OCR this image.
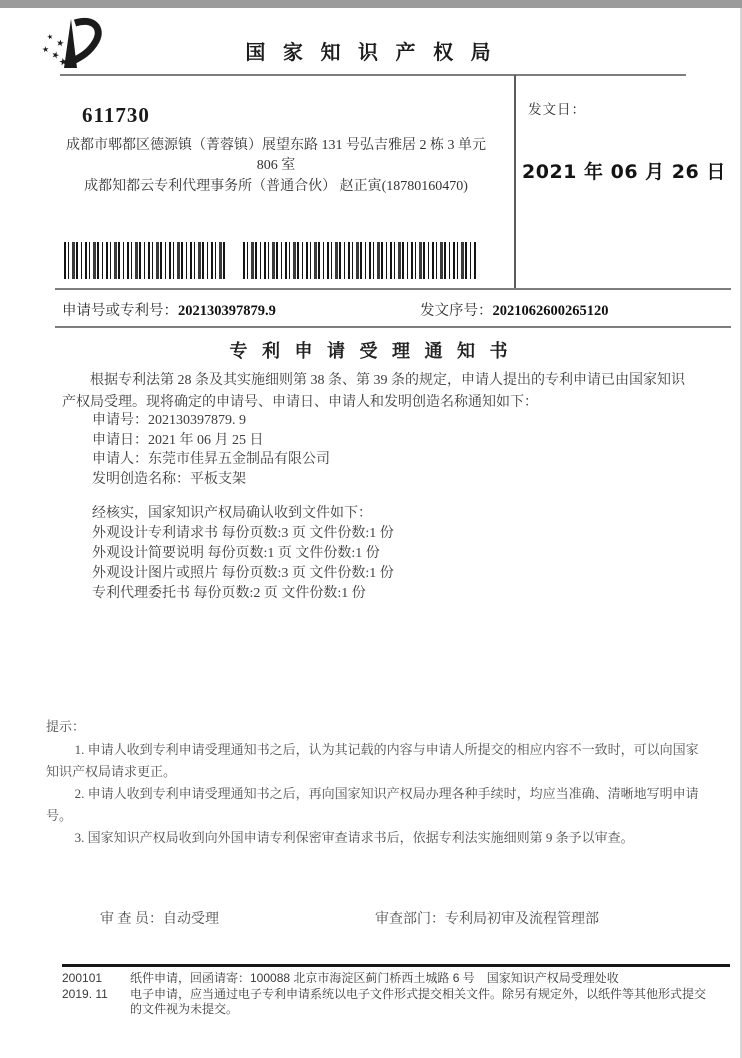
★
★
★
★
★
国 家 知 识 产 权 局
611730
成都市郫都区德源镇（菁蓉镇）展望东路 131 号弘吉雅居 2 栋 3 单元
806 室
成都知都云专利代理事务所（普通合伙） 赵正寅(18780160470)
发文日：
2021 年 06 月 26 日
申请号或专利号：202130397879.9	发文序号：2021062600265120
专 利 申 请 受 理 通 知 书

根据专利法第 28 条及其实施细则第 38 条、第 39 条的规定，申请人提出的专利申请已由国家知识产权局受理。现将确定的申请号、申请日、申请人和发明创造名称通知如下：

申请号：202130397879. 9
申请日：2021 年 06 月 25 日
申请人：东莞市佳昇五金制品有限公司
发明创造名称：平板支架
经核实，国家知识产权局确认收到文件如下：
外观设计专利请求书 每份页数:3 页 文件份数:1 份
外观设计简要说明 每份页数:1 页 文件份数:1 份
外观设计图片或照片 每份页数:3 页 文件份数:1 份
专利代理委托书 每份页数:2 页 文件份数:1 份
提示：

1. 申请人收到专利申请受理通知书之后，认为其记载的内容与申请人所提交的相应内容不一致时，可以向国家知识产权局请求更正。

2. 申请人收到专利申请受理通知书之后，再向国家知识产权局办理各种手续时，均应当准确、清晰地写明申请号。

3. 国家知识产权局收到向外国申请专利保密审查请求书后，依据专利法实施细则第 9 条予以审查。

审 查 员：自动受理	审查部门：专利局初审及流程管理部
200101
2019. 11
纸件申请，回函请寄：100088 北京市海淀区蓟门桥西土城路 6 号　国家知识产权局受理处收
电子申请，应当通过电子专利申请系统以电子文件形式提交相关文件。除另有规定外，以纸件等其他形式提交的文件视为未提交。
